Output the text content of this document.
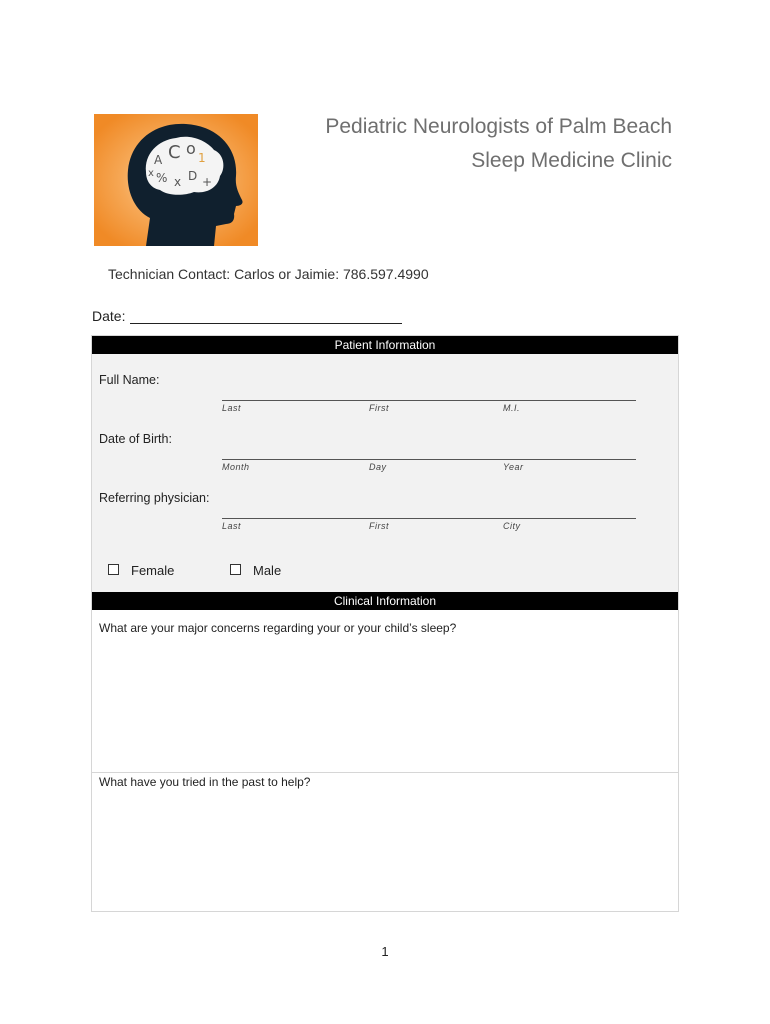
A C o 1
% x D +
x
Pediatric Neurologists of Palm Beach
Sleep Medicine Clinic
Technician Contact: Carlos or Jaimie: 786.597.4990
Date:
Patient Information
Full Name:
Last	First	M.I.
Date of Birth:
Month	Day	Year
Referring physician:
Last	First	City
Female	Male
Clinical Information
What are your major concerns regarding your or your child’s sleep?
What have you tried in the past to help?
1
